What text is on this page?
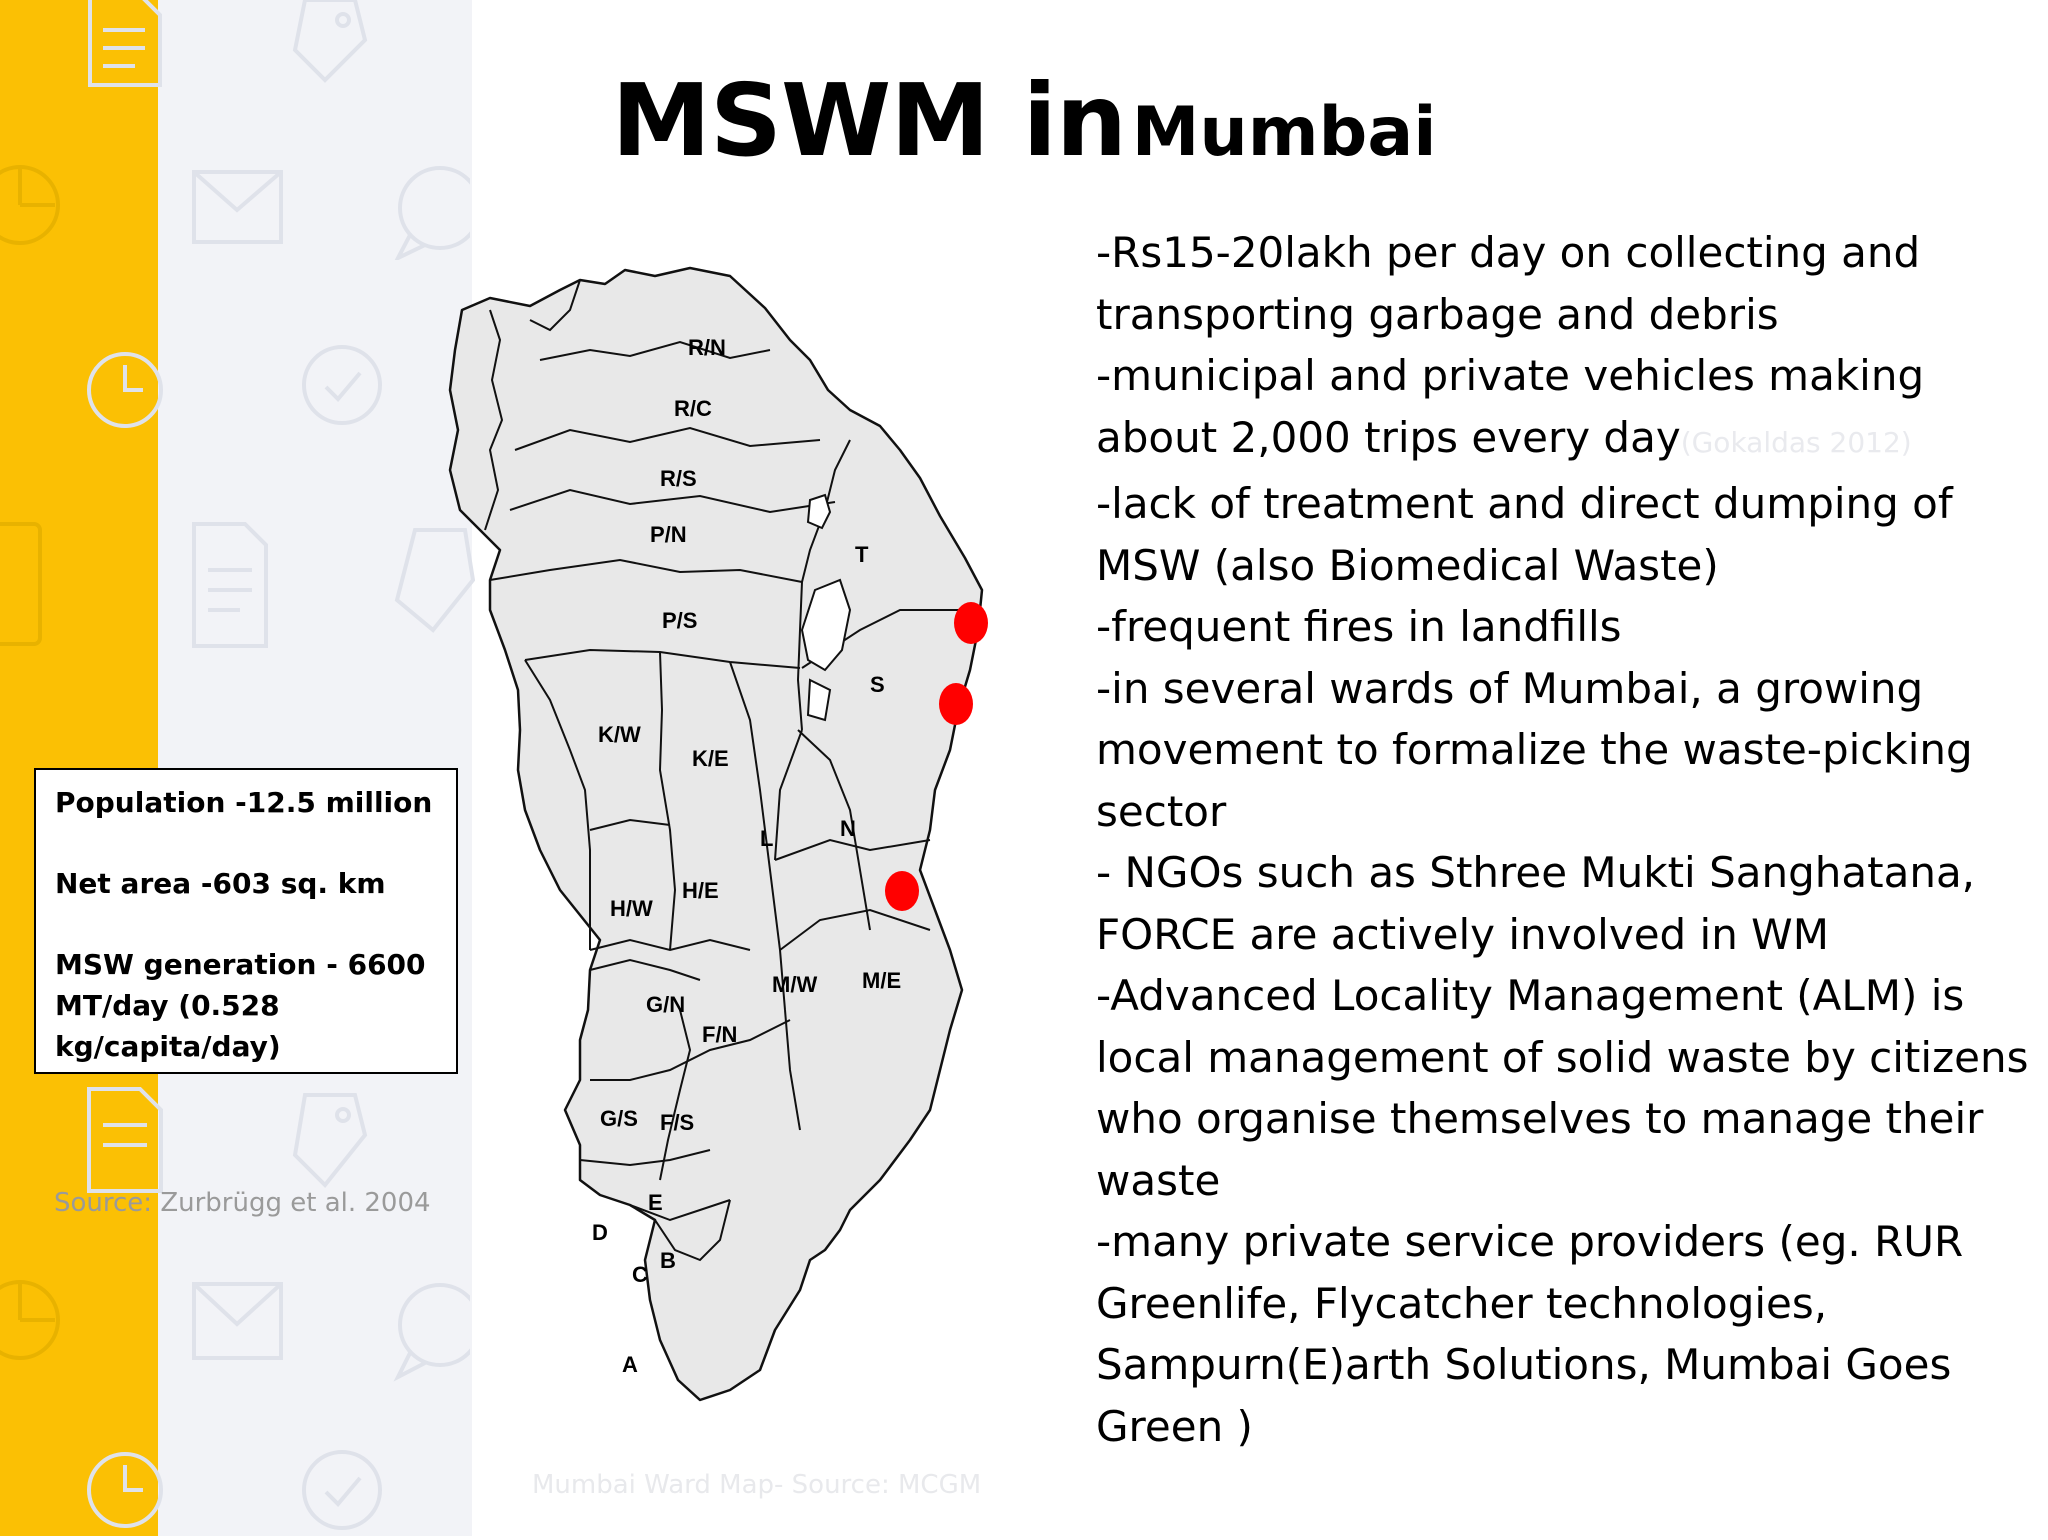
MSWM in Mumbai
R/N
R/C
R/S
P/N
P/S
T
S
K/W
K/E
L	N
H/W
H/E
M/W M/E
G/N
F/N
G/S F/S
E
D
C
B
A
Mumbai Ward Map- Source: MCGM

Population -12.5 million

Net area -603 sq. km

MSW generation - 6600
MT/day (0.528
kg/capita/day)

Source: Zurbrügg et al. 2004

-Rs15-20lakh per day on collecting and transporting garbage and debris

-municipal and private vehicles making about 2,000 trips every day(Gokaldas 2012)

-lack of treatment and direct dumping of MSW (also Biomedical Waste)

-frequent fires in landfills

-in several wards of Mumbai, a growing movement to formalize the waste-picking sector

- NGOs such as Sthree Mukti Sanghatana, FORCE are actively involved in WM

-Advanced Locality Management (ALM) is local management of solid waste by citizens who organise themselves to manage their waste

-many private service providers (eg. RUR Greenlife, Flycatcher technologies, Sampurn(E)arth Solutions, Mumbai Goes Green )
